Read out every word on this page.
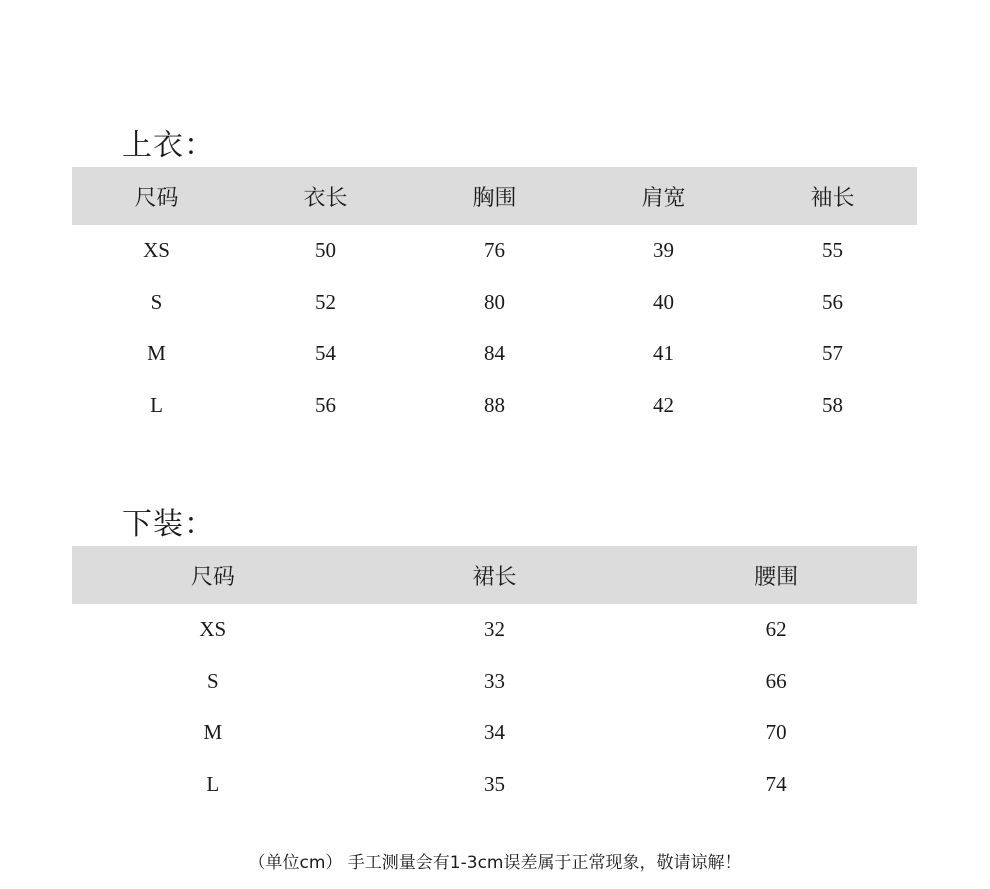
上衣：
尺码	衣长	胸围	肩宽	袖长
XS	50	76	39	55
S	52	80	40	56
M	54	84	41	57
L	56	88	42	58
下装：
尺码	裙长	腰围
XS	32	62
S	33	66
M	34	70
L	35	74
（单位cm） 手工测量会有1-3cm误差属于正常现象，敬请谅解！
